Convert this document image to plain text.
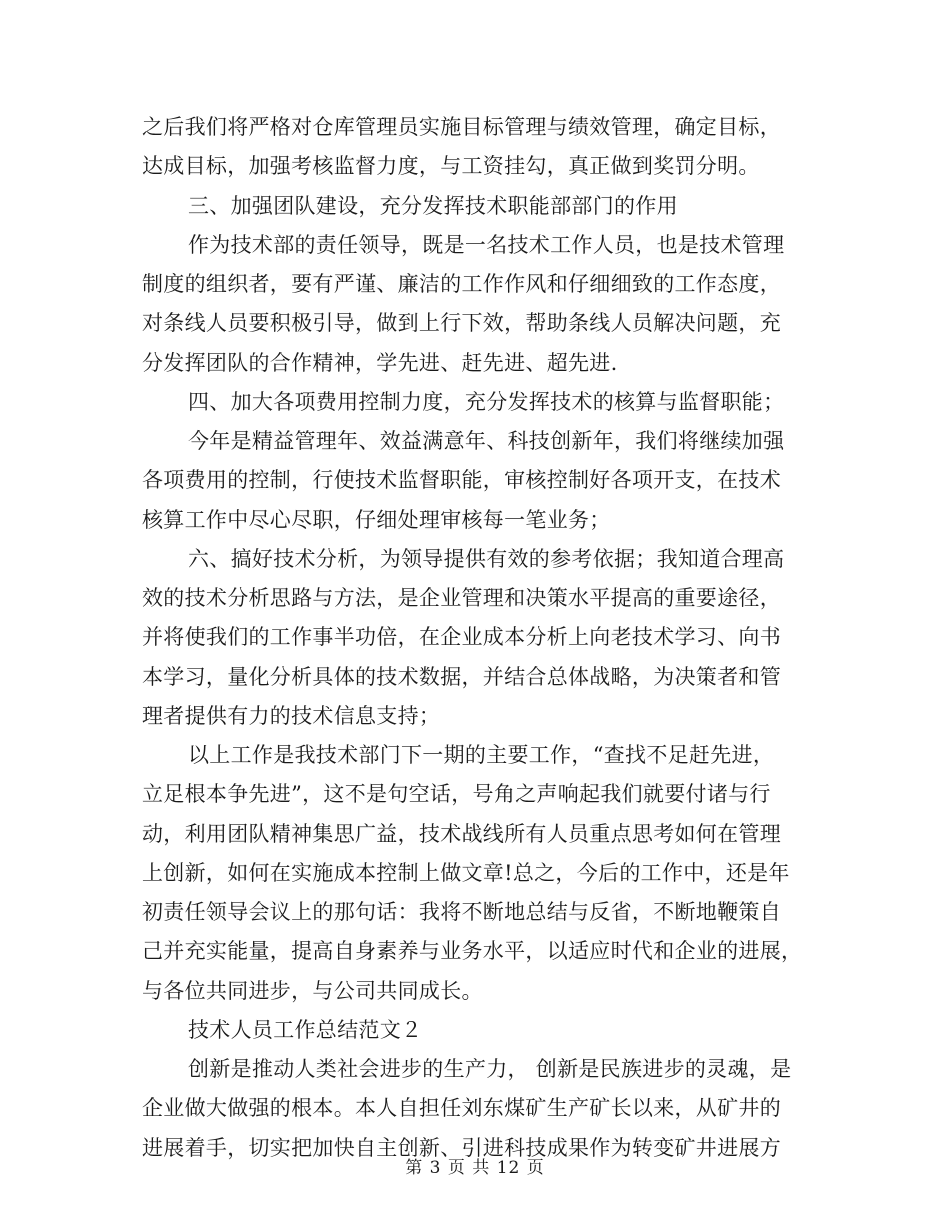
之后我们将严格对仓库管理员实施目标管理与绩效管理，确定目标，
达成目标，加强考核监督力度，与工资挂勾，真正做到奖罚分明。
三、加强团队建设，充分发挥技术职能部部门的作用
作为技术部的责任领导，既是一名技术工作人员，也是技术管理
制度的组织者，要有严谨、廉洁的工作作风和仔细细致的工作态度，
对条线人员要积极引导，做到上行下效，帮助条线人员解决问题，充
分发挥团队的合作精神，学先进、赶先进、超先进.
四、加大各项费用控制力度，充分发挥技术的核算与监督职能；
今年是精益管理年、效益满意年、科技创新年，我们将继续加强
各项费用的控制，行使技术监督职能，审核控制好各项开支，在技术
核算工作中尽心尽职，仔细处理审核每一笔业务；
六、搞好技术分析，为领导提供有效的参考依据；我知道合理高
效的技术分析思路与方法，是企业管理和决策水平提高的重要途径，
并将使我们的工作事半功倍，在企业成本分析上向老技术学习、向书
本学习，量化分析具体的技术数据，并结合总体战略，为决策者和管
理者提供有力的技术信息支持；
以上工作是我技术部门下一期的主要工作，“查找不足赶先进，
立足根本争先进”，这不是句空话，号角之声响起我们就要付诸与行
动，利用团队精神集思广益，技术战线所有人员重点思考如何在管理
上创新，如何在实施成本控制上做文章!总之，今后的工作中，还是年
初责任领导会议上的那句话：我将不断地总结与反省，不断地鞭策自
己并充实能量，提高自身素养与业务水平，以适应时代和企业的进展，
与各位共同进步，与公司共同成长。
技术人员工作总结范文２
创新是推动人类社会进步的生产力， 创新是民族进步的灵魂，是
企业做大做强的根本。本人自担任刘东煤矿生产矿长以来，从矿井的
进展着手，切实把加快自主创新、引进科技成果作为转变矿井进展方
第 3 页 共 12 页
